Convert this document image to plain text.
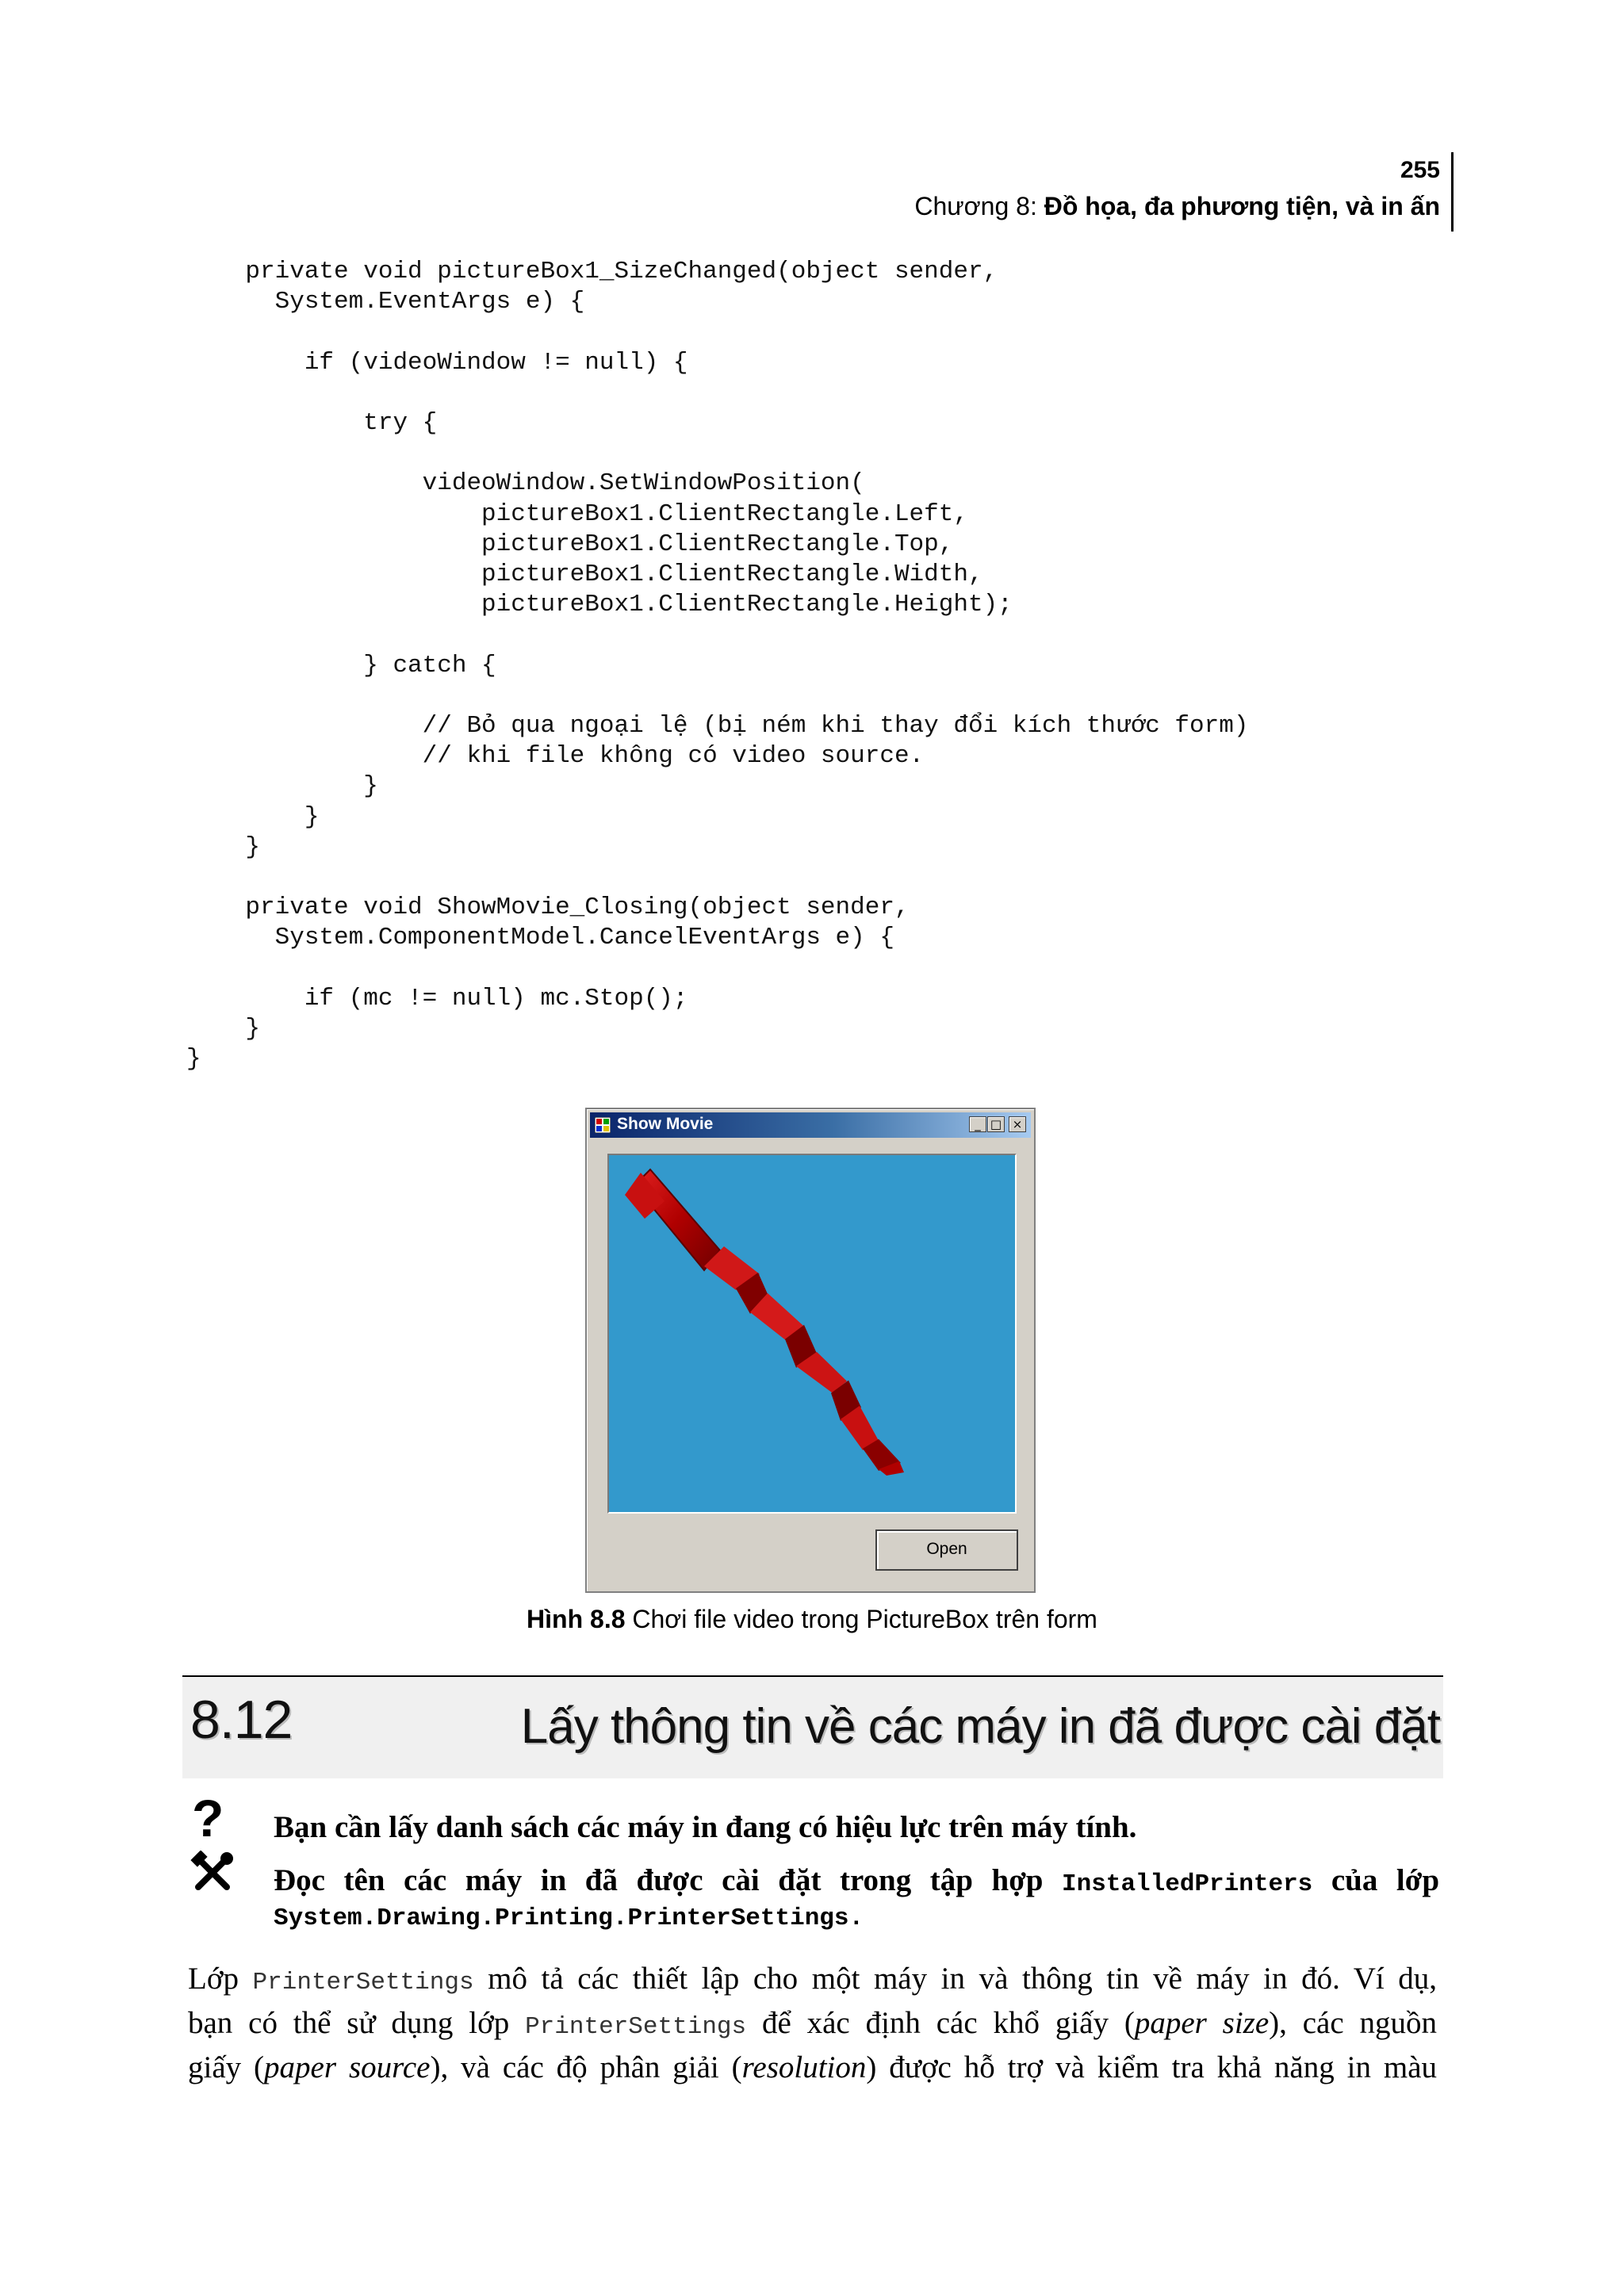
255
Chương 8: Đồ họa, đa phương tiện, và in ấn
private void pictureBox1_SizeChanged(object sender,
System.EventArgs e) {

if (videoWindow != null) {

try {

videoWindow.SetWindowPosition(
pictureBox1.ClientRectangle.Left,
pictureBox1.ClientRectangle.Top,
pictureBox1.ClientRectangle.Width,
pictureBox1.ClientRectangle.Height);

} catch {

// Bỏ qua ngoại lệ (bị ném khi thay đổi kích thước form)
// khi file không có video source.
}
}
}

private void ShowMovie_Closing(object sender,
System.ComponentModel.CancelEventArgs e) {

if (mc != null) mc.Stop();
}
}
Show Movie	_ □ ×
Open
Hình 8.8 Chơi file video trong PictureBox trên form
8.12	Lấy thông tin về các máy in đã được cài đặt
? Bạn cần lấy danh sách các máy in đang có hiệu lực trên máy tính.
Đọc tên các máy in đã được cài đặt trong tập hợp InstalledPrinters của lớp
System.Drawing.Printing.PrinterSettings.
Lớp PrinterSettings mô tả các thiết lập cho một máy in và thông tin về máy in đó. Ví dụ,
bạn có thể sử dụng lớp PrinterSettings để xác định các khổ giấy (paper size), các nguồn
giấy (paper source), và các độ phân giải (resolution) được hỗ trợ và kiểm tra khả năng in màu
